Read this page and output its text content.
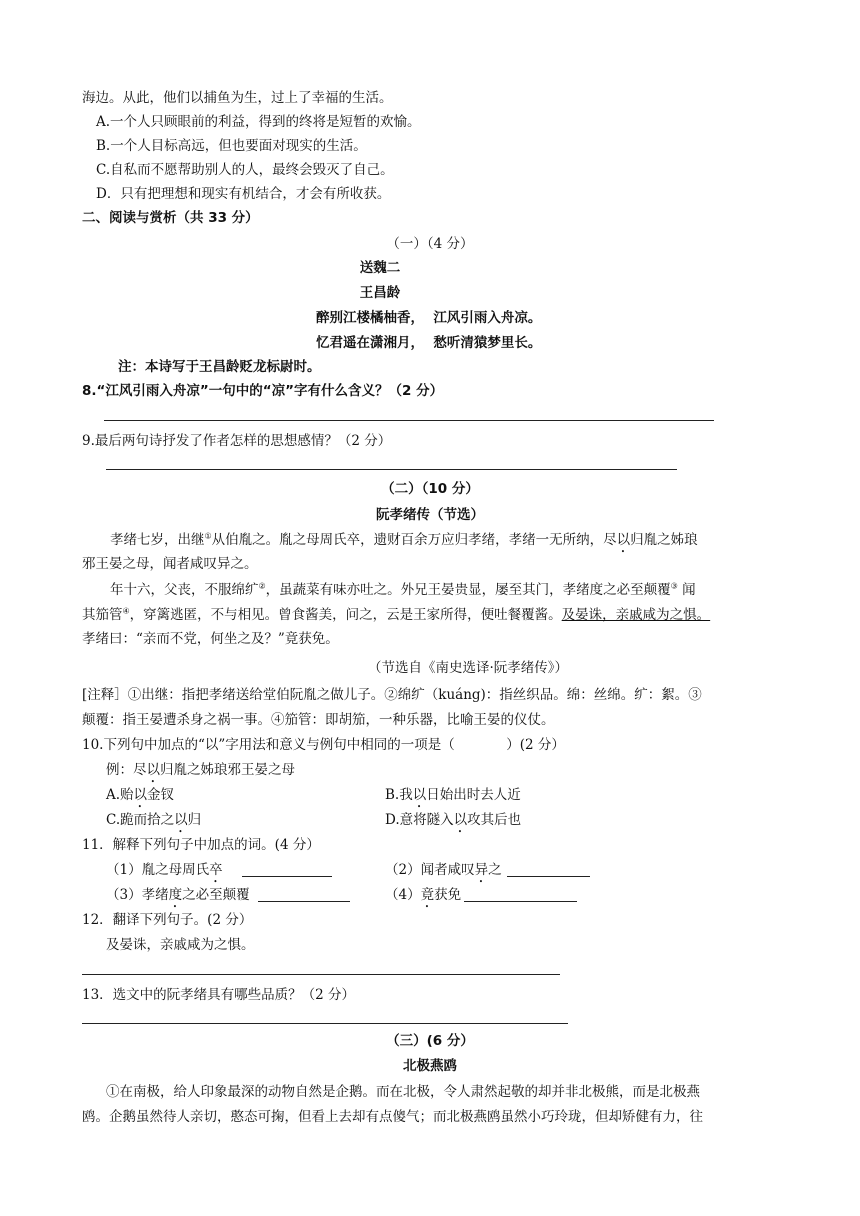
海边。从此，他们以捕鱼为生，过上了幸福的生活。
A.一个人只顾眼前的利益，得到的终将是短暂的欢愉。
B.一个人目标高远，但也要面对现实的生活。
C.自私而不愿帮助别人的人，最终会毁灭了自己。
D．只有把理想和现实有机结合，才会有所收获。
二、阅读与赏析（共 33 分）
（一）（4 分）
送魏二
王昌龄
醉别江楼橘柚香，  江风引雨入舟凉。
忆君遥在潇湘月，  愁听清猿梦里长。
注：本诗写于王昌龄贬龙标尉时。
8.“江风引雨入舟凉”一句中的“凉”字有什么含义？（2 分）
9.最后两句诗抒发了作者怎样的思想感情？（2 分）
（二）（10 分）
阮孝绪传（节选）
孝绪七岁，出继①从伯胤之。胤之母周氏卒，遗财百余万应归孝绪，孝绪一无所纳，尽以归胤之姊琅
邪王晏之母，闻者咸叹异之。
年十六，父丧，不服绵纩②，虽蔬菜有味亦吐之。外兄王晏贵显，屡至其门，孝绪度之必至颠覆③ 闻
其笳管④，穿篱逃匿，不与相见。曾食酱美，问之，云是王家所得，便吐餐覆酱。及晏诛，亲戚咸为之惧。
孝绪曰：“亲而不党，何坐之及？”竟获免。
（节选自《南史选译·阮孝绪传》）
[注释］①出继：指把孝绪送给堂伯阮胤之做儿子。②绵纩（kuáng)：指丝织品。绵：丝绵。纩：絮。③
颠覆：指王晏遭杀身之祸一事。④笳管：即胡笳，一种乐器，比喻王晏的仪仗。
10.下列句中加点的“以”字用法和意义与例句中相同的一项是（            ）(2 分）
例：尽以归胤之姊琅邪王晏之母
A.贻以金钗	B.我以日始出时去人近
C.跪而拾之以归	D.意将隧入以攻其后也
11．解释下列句子中加点的词。(4 分）
（1）胤之母周氏卒	（2）闻者咸叹异之
（3）孝绪度之必至颠覆	（4）竟获免
12．翻译下列句子。(2 分）
及晏诛，亲戚咸为之惧。
13．选文中的阮孝绪具有哪些品质？（2 分）
（三）(6 分）
北极燕鸥
①在南极，给人印象最深的动物自然是企鹅。而在北极，令人肃然起敬的却并非北极熊，而是北极燕
鸥。企鹅虽然待人亲切，憨态可掬，但看上去却有点傻气；而北极燕鸥虽然小巧玲珑，但却矫健有力，往
